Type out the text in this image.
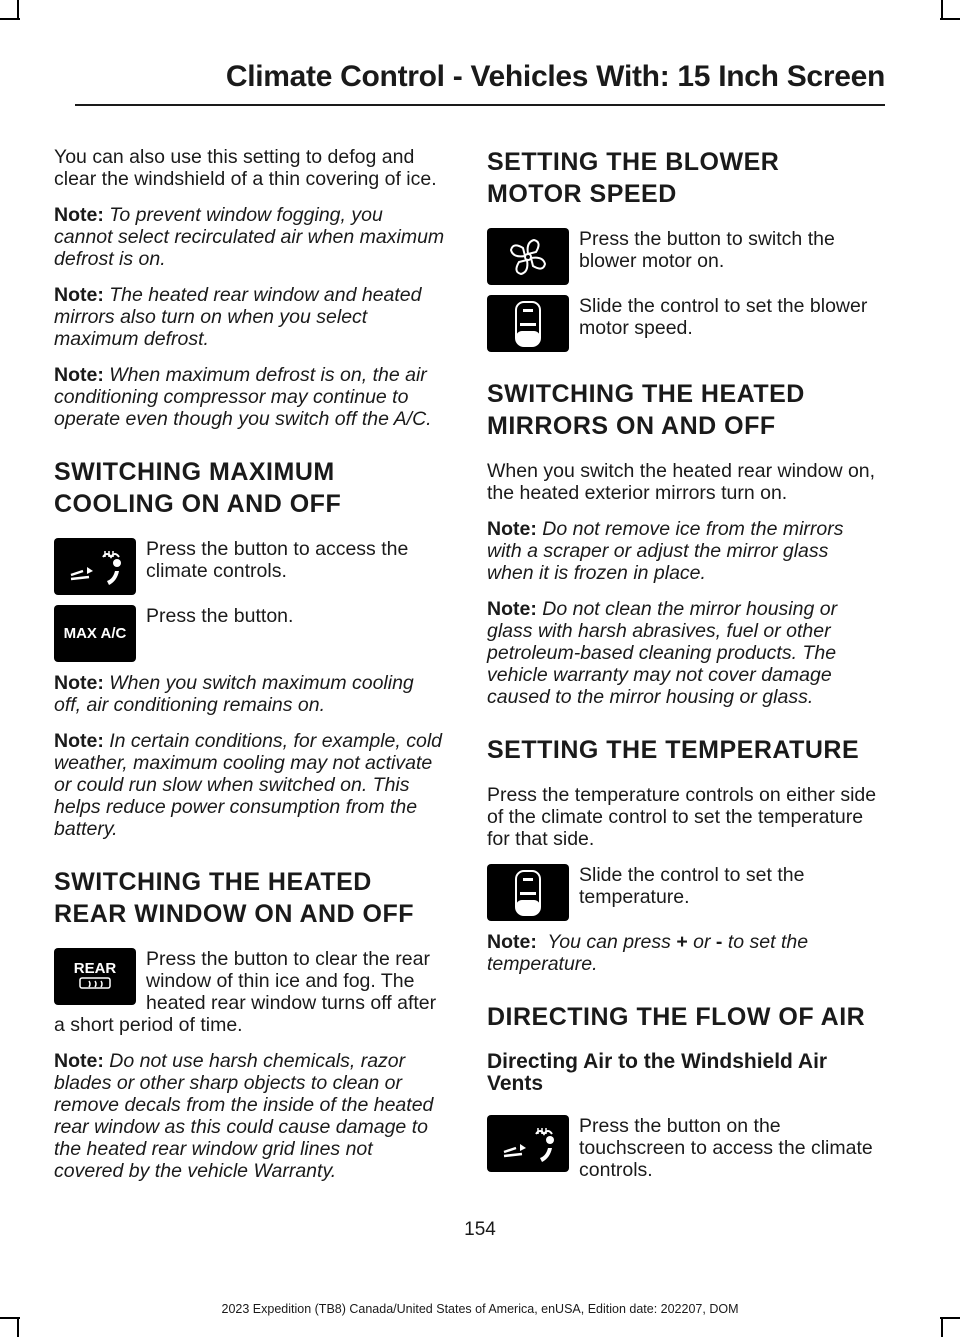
Climate Control - Vehicles With: 15 Inch Screen

You can also use this setting to defog and clear the windshield of a thin covering of ice.

Note: To prevent window fogging, you cannot select recirculated air when maximum defrost is on.

Note: The heated rear window and heated mirrors also turn on when you select maximum defrost.

Note: When maximum defrost is on, the air conditioning compressor may continue to operate even though you switch off the A/C.

SWITCHING MAXIMUM COOLING ON AND OFF
Press the button to access the climate controls.
MAX A/C
Press the button.

Note: When you switch maximum cooling off, air conditioning remains on.

Note: In certain conditions, for example, cold weather, maximum cooling may not activate or could run slow when switched on. This helps reduce power consumption from the battery.

SWITCHING THE HEATED REAR WINDOW ON AND OFF
REAR	Press the button to clear the rear window of thin ice and fog. The heated rear window turns off after a short period of time.

Note: Do not use harsh chemicals, razor blades or other sharp objects to clean or remove decals from the inside of the heated rear window as this could cause damage to the heated rear window grid lines not covered by the vehicle Warranty.

SETTING THE BLOWER MOTOR SPEED
Press the button to switch the blower motor on.
Slide the control to set the blower motor speed.
SWITCHING THE HEATED MIRRORS ON AND OFF

When you switch the heated rear window on, the heated exterior mirrors turn on.

Note: Do not remove ice from the mirrors with a scraper or adjust the mirror glass when it is frozen in place.

Note: Do not clean the mirror housing or glass with harsh abrasives, fuel or other petroleum-based cleaning products. The vehicle warranty may not cover damage caused to the mirror housing or glass.

SETTING THE TEMPERATURE

Press the temperature controls on either side of the climate control to set the temperature for that side.

Slide the control to set the temperature.

Note: You can press + or - to set the temperature.

DIRECTING THE FLOW OF AIR
Directing Air to the Windshield Air Vents
Press the button on the touchscreen to access the climate controls.
154
2023 Expedition (TB8) Canada/United States of America, enUSA, Edition date: 202207, DOM
